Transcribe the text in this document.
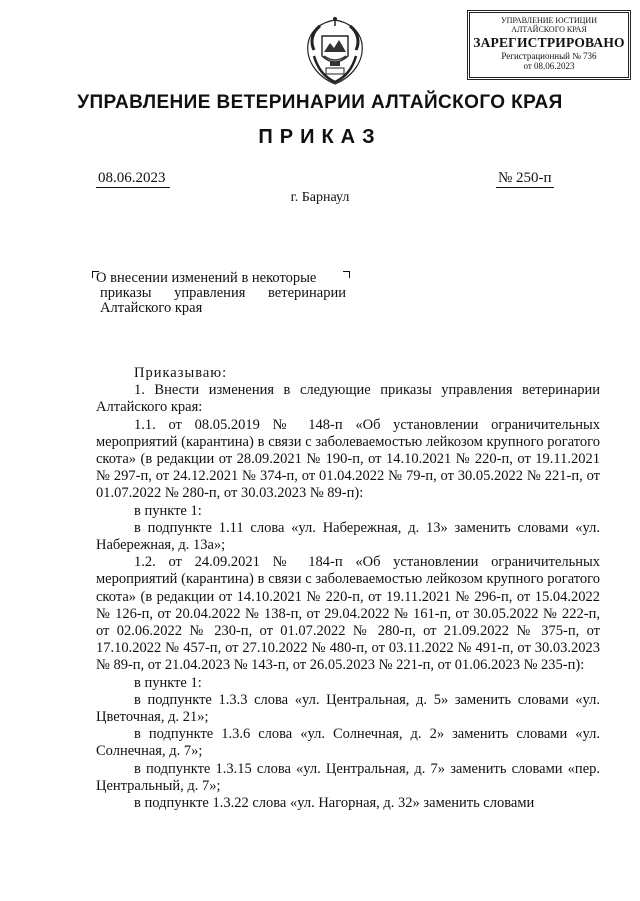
УПРАВЛЕНИЕ ЮСТИЦИИ
АЛТАЙСКОГО КРАЯ
ЗАРЕГИСТРИРОВАНО
Регистрационный № 736
от 08.06.2023
УПРАВЛЕНИЕ ВЕТЕРИНАРИИ АЛТАЙСКОГО КРАЯ
ПРИКАЗ
08.06.2023	№ 250-п
г. Барнаул
О внесении изменений в некоторые
приказы управления ветеринарии
Алтайского края

Приказываю:

1. Внести изменения в следующие приказы управления ветеринарии Алтайского края:

1.1. от 08.05.2019 № 148-п «Об установлении ограничительных мероприятий (карантина) в связи с заболеваемостью лейкозом крупного рогатого скота» (в редакции от 28.09.2021 № 190-п, от 14.10.2021 № 220-п, от 19.11.2021 № 297-п, от 24.12.2021 № 374-п, от 01.04.2022 № 79-п, от 30.05.2022 № 221-п, от 01.07.2022 № 280-п, от 30.03.2023 № 89-п):

в пункте 1:

в подпункте 1.11 слова «ул. Набережная, д. 13» заменить словами «ул. Набережная, д. 13а»;

1.2. от 24.09.2021 № 184-п «Об установлении ограничительных мероприятий (карантина) в связи с заболеваемостью лейкозом крупного рогатого скота» (в редакции от 14.10.2021 № 220-п, от 19.11.2021 № 296-п, от 15.04.2022 № 126-п, от 20.04.2022 № 138-п, от 29.04.2022 № 161-п, от 30.05.2022 № 222-п, от 02.06.2022 № 230-п, от 01.07.2022 № 280-п, от 21.09.2022 № 375-п, от 17.10.2022 № 457-п, от 27.10.2022 № 480-п, от 03.11.2022 № 491-п, от 30.03.2023 № 89-п, от 21.04.2023 № 143-п, от 26.05.2023 № 221-п, от 01.06.2023 № 235-п):

в пункте 1:

в подпункте 1.3.3 слова «ул. Центральная, д. 5» заменить словами «ул. Цветочная, д. 21»;

в подпункте 1.3.6 слова «ул. Солнечная, д. 2» заменить словами «ул. Солнечная, д. 7»;

в подпункте 1.3.15 слова «ул. Центральная, д. 7» заменить словами «пер. Центральный, д. 7»;

в подпункте 1.3.22 слова «ул. Нагорная, д. 32» заменить словами
